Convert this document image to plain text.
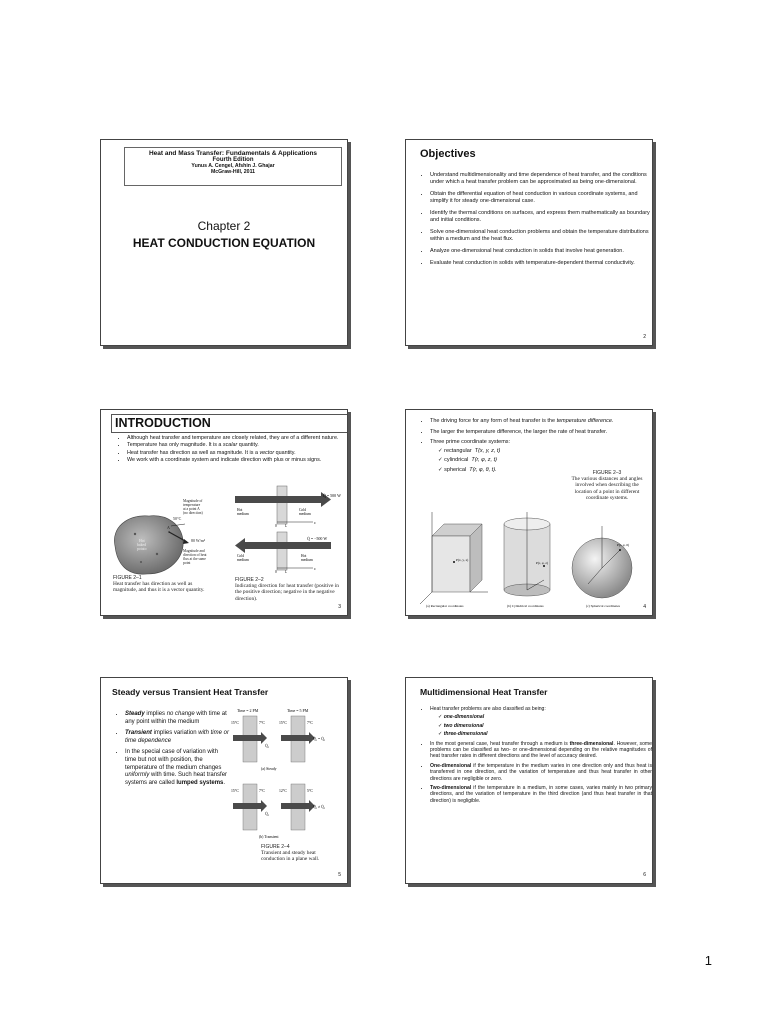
Heat and Mass Transfer: Fundamentals & Applications
Fourth Edition
Yunus A. Cengel, Afshin J. Ghajar
McGraw-Hill, 2011
Chapter 2
HEAT CONDUCTION EQUATION
Objectives
• Understand multidimensionality and time dependence of heat transfer, and the conditions under which a heat transfer problem can be approximated as being one-dimensional.
• Obtain the differential equation of heat conduction in various coordinate systems, and simplify it for steady one-dimensional case.
• Identify the thermal conditions on surfaces, and express them mathematically as boundary and initial conditions.
• Solve one-dimensional heat conduction problems and obtain the temperature distributions within a medium and the heat flux.
• Analyze one-dimensional heat conduction in solids that involve heat generation.
• Evaluate heat conduction in solids with temperature-dependent thermal conductivity.
2
INTRODUCTION
• Although heat transfer and temperature are closely related, they are of a different nature.
• Temperature has only magnitude. It is a scalar quantity.
• Heat transfer has direction as well as magnitude. It is a vector quantity.
• We work with a coordinate system and indicate direction with plus or minus signs.
Magnitude of temperature at a point A (no direction)
50°C
80 W/m²
A
Hot baked potato	Magnitude and direction of heat flux at the same point
FIGURE 2–1
Heat transfer has direction as well as magnitude, and thus it is a vector quantity.
Q̇ = 500 W
Hot medium
Cold medium
0 L
x
Q̇ = −500 W
Cold medium
Hot medium
0 L
x
FIGURE 2–2
Indicating direction for heat transfer (positive in the positive direction; negative in the negative direction).
3
• The driving force for any form of heat transfer is the temperature difference.
• The larger the temperature difference, the larger the rate of heat transfer.
• Three prime coordinate systems:
✓ rectangular T(x, y, z, t)
✓ cylindrical T(r, φ, z, t)
✓ spherical T(r, φ, θ, t).
FIGURE 2–3
The various distances and angles involved when describing the location of a point in different coordinate systems.
P(x, y, z)
(a) Rectangular coordinates
P(r, φ, z)
(b) Cylindrical coordinates
P(r, φ, θ)
(c) Spherical coordinates	4
Steady versus Transient Heat Transfer
• Steady implies no change with time at any point within the medium
• Transient implies variation with time or time dependence
• In the special case of variation with time but not with position, the temperature of the medium changes uniformly with time. Such heat transfer systems are called lumped systems.
Time = 2 PM	Time = 5 PM
15°C	7°C	15°C	7°C
Q̇₁
Q̇₂ = Q̇₁
(a) Steady
15°C	7°C	12°C	5°C
Q̇₁
Q̇₂ ≠ Q̇₁
(b) Transient
FIGURE 2–4
Transient and steady heat conduction in a plane wall.
5
Multidimensional Heat Transfer
• Heat transfer problems are also classified as being:
✓ one-dimensional
✓ two dimensional
✓ three-dimensional
• In the most general case, heat transfer through a medium is three-dimensional. However, some problems can be classified as two- or one-dimensional depending on the relative magnitudes of heat transfer rates in different directions and the level of accuracy desired.
• One-dimensional if the temperature in the medium varies in one direction only and thus heat is transferred in one direction, and the variation of temperature and thus heat transfer in other directions are negligible or zero.
• Two-dimensional if the temperature in a medium, in some cases, varies mainly in two primary directions, and the variation of temperature in the third direction (and thus heat transfer in that direction) is negligible.
6
1
